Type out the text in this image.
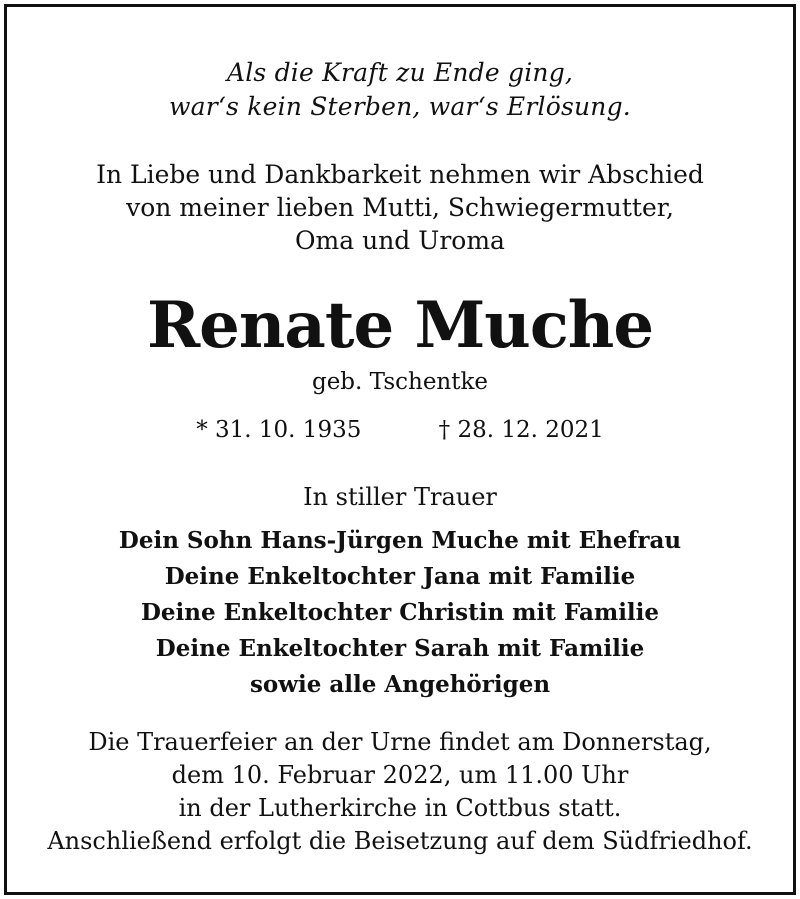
Als die Kraft zu Ende ging,
war‘s kein Sterben, war‘s Erlösung.
In Liebe und Dankbarkeit nehmen wir Abschied
von meiner lieben Mutti, Schwiegermutter,
Oma und Uroma
Renate Muche
geb. Tschentke
* 31. 10. 1935	† 28. 12. 2021
In stiller Trauer
Dein Sohn Hans-Jürgen Muche mit Ehefrau
Deine Enkeltochter Jana mit Familie
Deine Enkeltochter Christin mit Familie
Deine Enkeltochter Sarah mit Familie
sowie alle Angehörigen
Die Trauerfeier an der Urne findet am Donnerstag,
dem 10. Februar 2022, um 11.00 Uhr
in der Lutherkirche in Cottbus statt.
Anschließend erfolgt die Beisetzung auf dem Südfriedhof.
